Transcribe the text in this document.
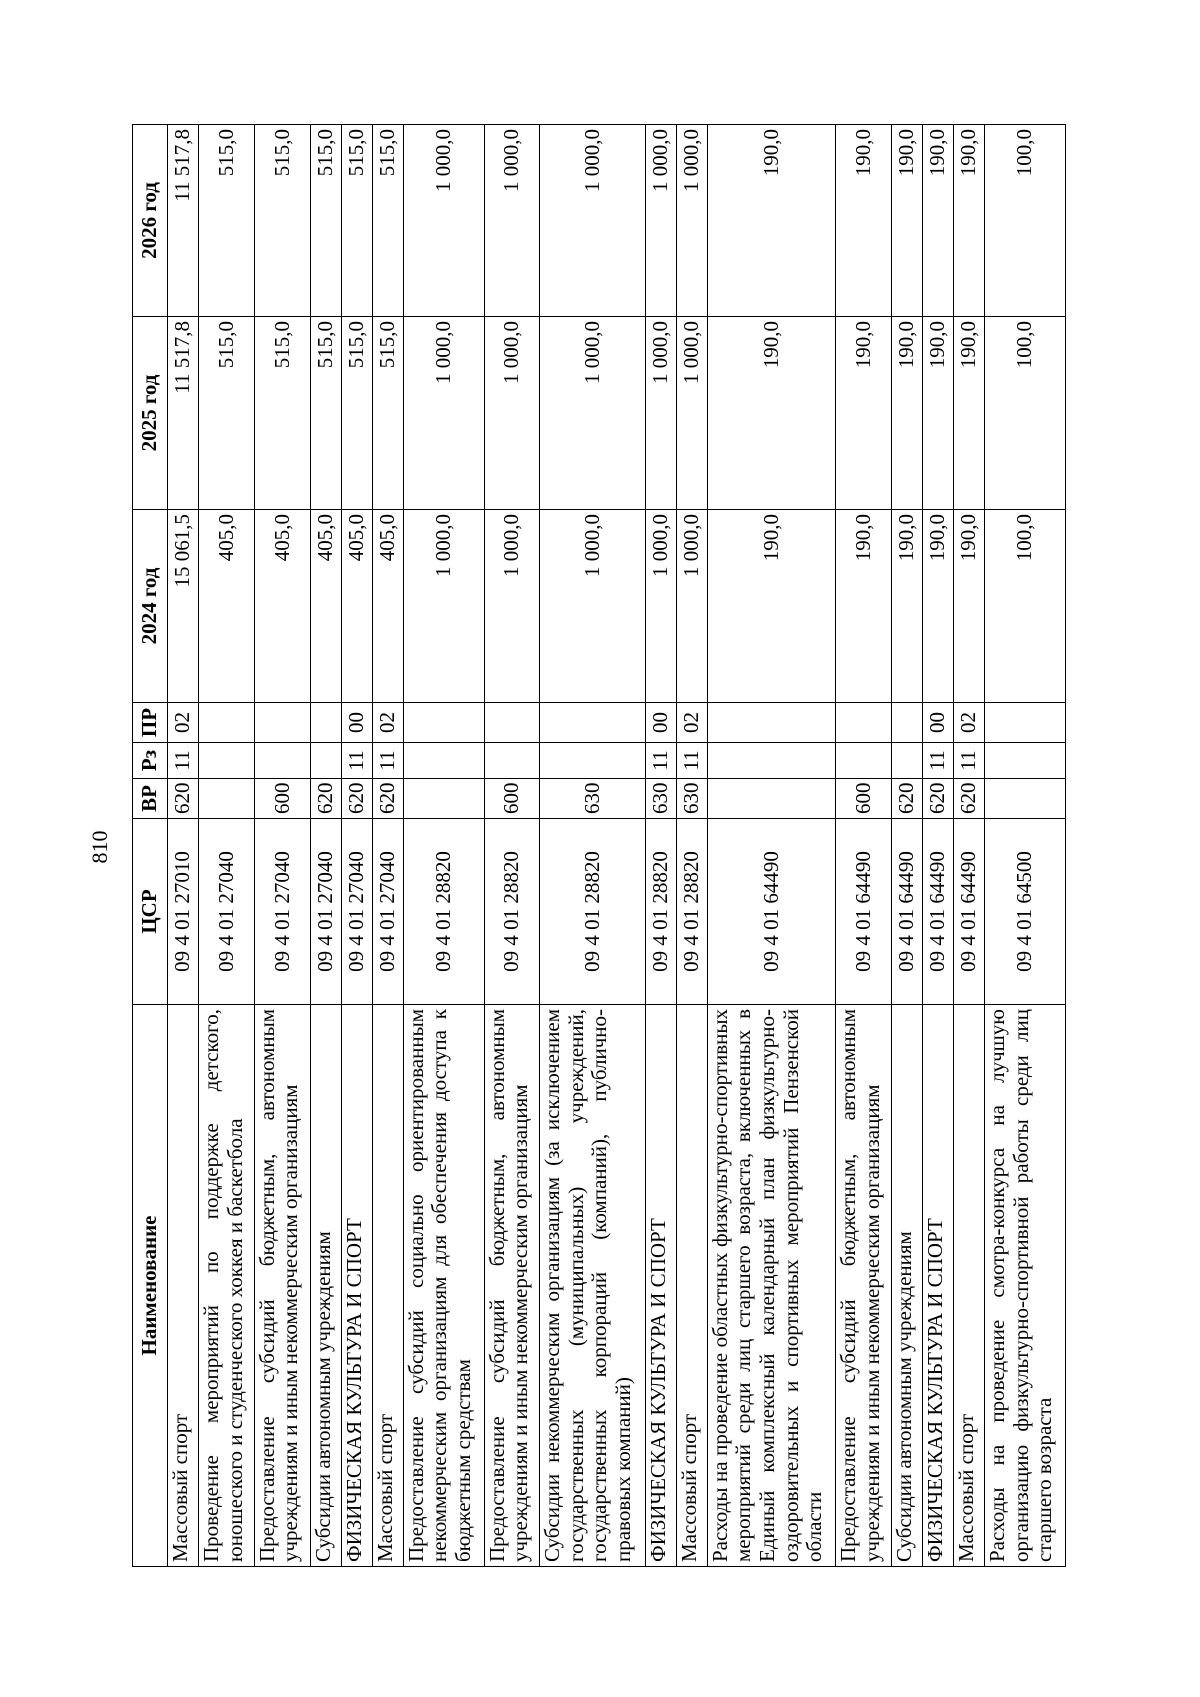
810
Наименование	ЦСР	ВР	Рз	ПР	2024 год	2025 год	2026 год
Массовый спорт	09 4 01 27010	620	11	02	15 061,5	11 517,8	11 517,8
Проведение мероприятий по поддержке детского, юношеского и студенческого хоккея и баскетбола	09 4 01 27040				405,0	515,0	515,0
Предоставление субсидий бюджетным, автономным учреждениям и иным некоммерческим организациям	09 4 01 27040	600			405,0	515,0	515,0
Субсидии автономным учреждениям	09 4 01 27040	620			405,0	515,0	515,0
ФИЗИЧЕСКАЯ КУЛЬТУРА И СПОРТ	09 4 01 27040	620	11	00	405,0	515,0	515,0
Массовый спорт	09 4 01 27040	620	11	02	405,0	515,0	515,0
Предоставление субсидий социально ориентированным некоммерческим организациям для обеспечения доступа к бюджетным средствам	09 4 01 28820				1 000,0	1 000,0	1 000,0
Предоставление субсидий бюджетным, автономным учреждениям и иным некоммерческим организациям	09 4 01 28820	600			1 000,0	1 000,0	1 000,0
Субсидии некоммерческим организациям (за исключением государственных (муниципальных) учреждений, государственных корпораций (компаний), публично-правовых компаний)	09 4 01 28820	630			1 000,0	1 000,0	1 000,0
ФИЗИЧЕСКАЯ КУЛЬТУРА И СПОРТ	09 4 01 28820	630	11	00	1 000,0	1 000,0	1 000,0
Массовый спорт	09 4 01 28820	630	11	02	1 000,0	1 000,0	1 000,0
Расходы на проведение областных физкультурно-спортивных мероприятий среди лиц старшего возраста, включенных в Единый комплексный календарный план физкультурно-оздоровительных и спортивных мероприятий Пензенской области	09 4 01 64490				190,0	190,0	190,0
Предоставление субсидий бюджетным, автономным учреждениям и иным некоммерческим организациям	09 4 01 64490	600			190,0	190,0	190,0
Субсидии автономным учреждениям	09 4 01 64490	620			190,0	190,0	190,0
ФИЗИЧЕСКАЯ КУЛЬТУРА И СПОРТ	09 4 01 64490	620	11	00	190,0	190,0	190,0
Массовый спорт	09 4 01 64490	620	11	02	190,0	190,0	190,0
Расходы на проведение смотра-конкурса на лучшую организацию физкультурно-спортивной работы среди лиц старшего возраста	09 4 01 64500				100,0	100,0	100,0
